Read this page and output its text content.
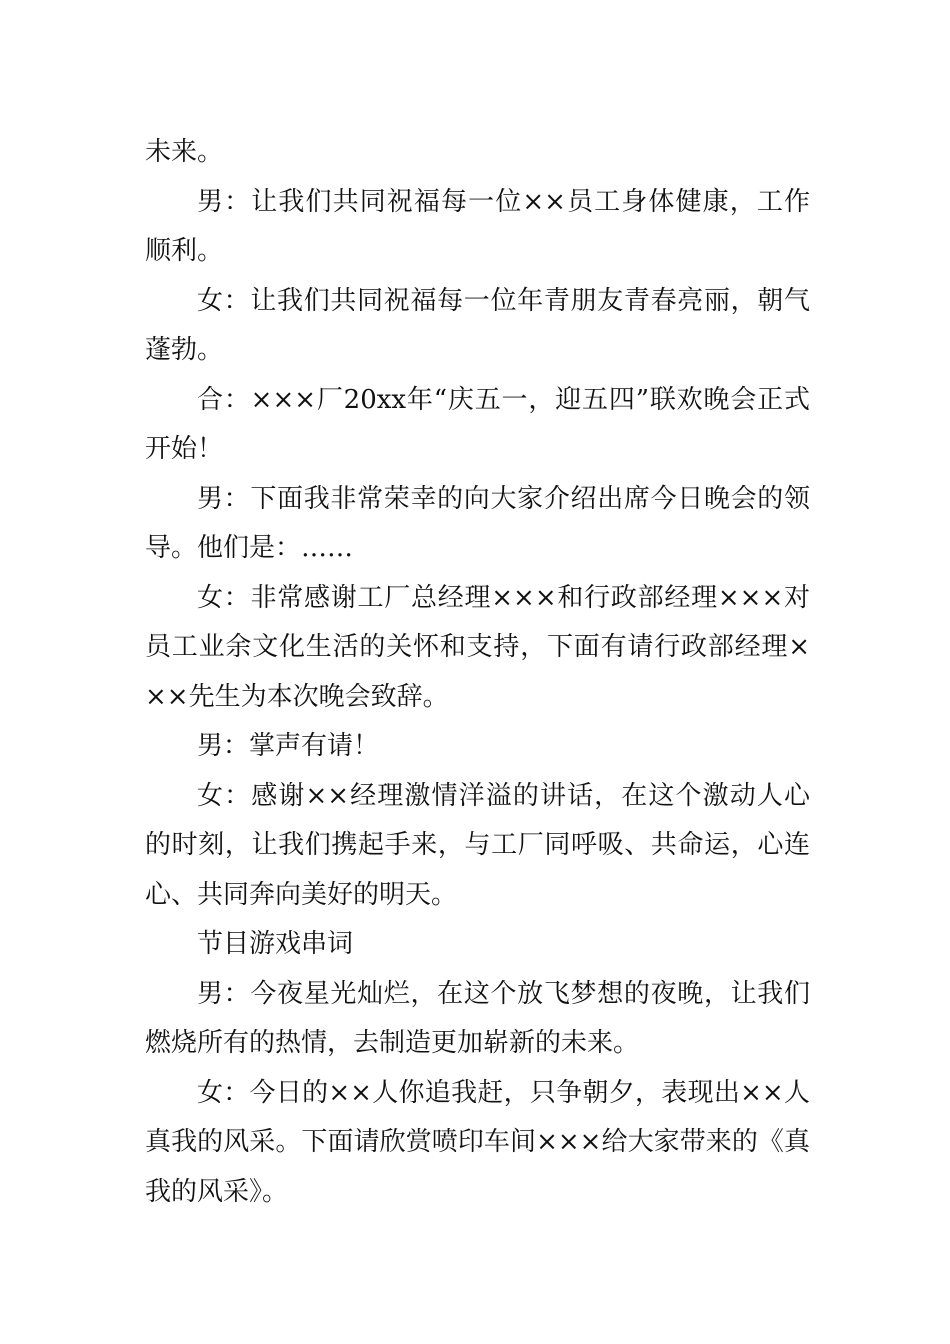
未来。

男：让我们共同祝福每一位××员工身体健康，工作顺利。

女：让我们共同祝福每一位年青朋友青春亮丽，朝气蓬勃。

合：×××厂20xx年“庆五一，迎五四”联欢晚会正式开始！

男：下面我非常荣幸的向大家介绍出席今日晚会的领导。他们是：……

女：非常感谢工厂总经理×××和行政部经理×××对员工业余文化生活的关怀和支持，下面有请行政部经理×××先生为本次晚会致辞。

男：掌声有请！

女：感谢××经理激情洋溢的讲话，在这个激动人心的时刻，让我们携起手来，与工厂同呼吸、共命运，心连心、共同奔向美好的明天。

节目游戏串词

男：今夜星光灿烂，在这个放飞梦想的夜晚，让我们燃烧所有的热情，去制造更加崭新的未来。

女：今日的××人你追我赶，只争朝夕，表现出××人真我的风采。下面请欣赏喷印车间×××给大家带来的《真我的风采》。
